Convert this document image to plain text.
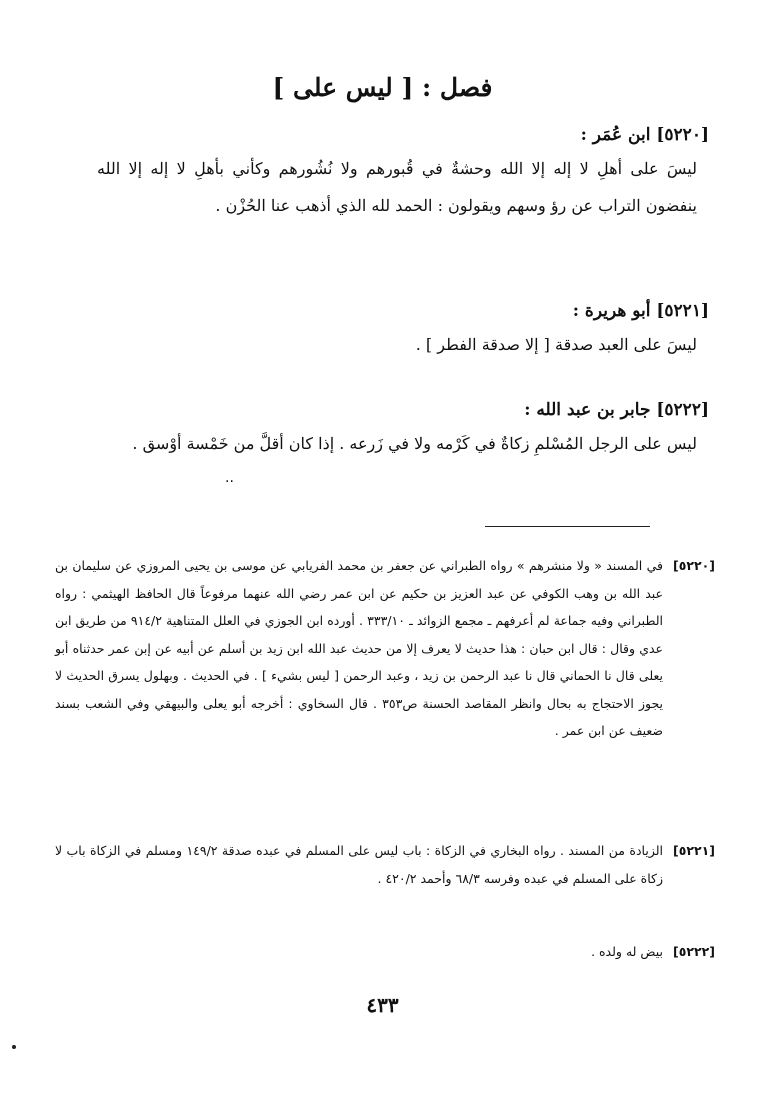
فصل : [ ليس على ]
[٥٢٢٠] ابن عُمَر :
ليسَ على أهلِ لا إله إلا الله وحشةٌ في قُبورهم ولا نُشُورهم وكأني بأهلِ لا إله إلا الله ينفضون التراب عن رؤ وسهم ويقولون : الحمد لله الذي أذهب عنا الحُزْن .
[٥٢٢١] أبو هريرة :
ليسَ على العبد صدقة [ إلا صدقة الفطر ] .
[٥٢٢٢] جابر بن عبد الله :
ليس على الرجل المُسْلمِ زكاةٌ في كَرْمه ولا في زَرعه . إذا كان أقلَّ من خَمْسة أوْسق .
..
[٥٢٢٠]
في المسند « ولا منشرهم » رواه الطبراني عن جعفر بن محمد الفريابي عن موسى بن يحيى المروزي عن سليمان بن عبد الله بن وهب الكوفي عن عبد العزيز بن حكيم عن ابن عمر رضي الله عنهما مرفوعاً قال الحافظ الهيثمي : رواه الطبراني وفيه جماعة لم أعرفهم ـ مجمع الزوائد ـ ٣٣٣/١٠ . أورده ابن الجوزي في العلل المتناهية ٩١٤/٢ من طريق ابن عدي وقال : قال ابن حبان : هذا حديث لا يعرف إلا من حديث عبد الله ابن زيد بن أسلم عن أبيه عن إبن عمر حدثناه أبو يعلى قال نا الحماني قال نا عبد الرحمن بن زيد ، وعبد الرحمن [ ليس بشيء ] . في الحديث . وبهلول يسرق الحديث لا يجوز الاحتجاج به بحال وانظر المقاصد الحسنة ص٣٥٣ . قال السخاوي : أخرجه أبو يعلى والبيهقي وفي الشعب بسند ضعيف عن ابن عمر .
[٥٢٢١]
الزيادة من المسند . رواه البخاري في الزكاة : باب ليس على المسلم في عبده صدقة ١٤٩/٢ ومسلم في الزكاة باب لا زكاة على المسلم في عبده وفرسه ٦٨/٣ وأحمد ٤٢٠/٢ .
[٥٢٢٢]
بيض له ولده .
٤٣٣
